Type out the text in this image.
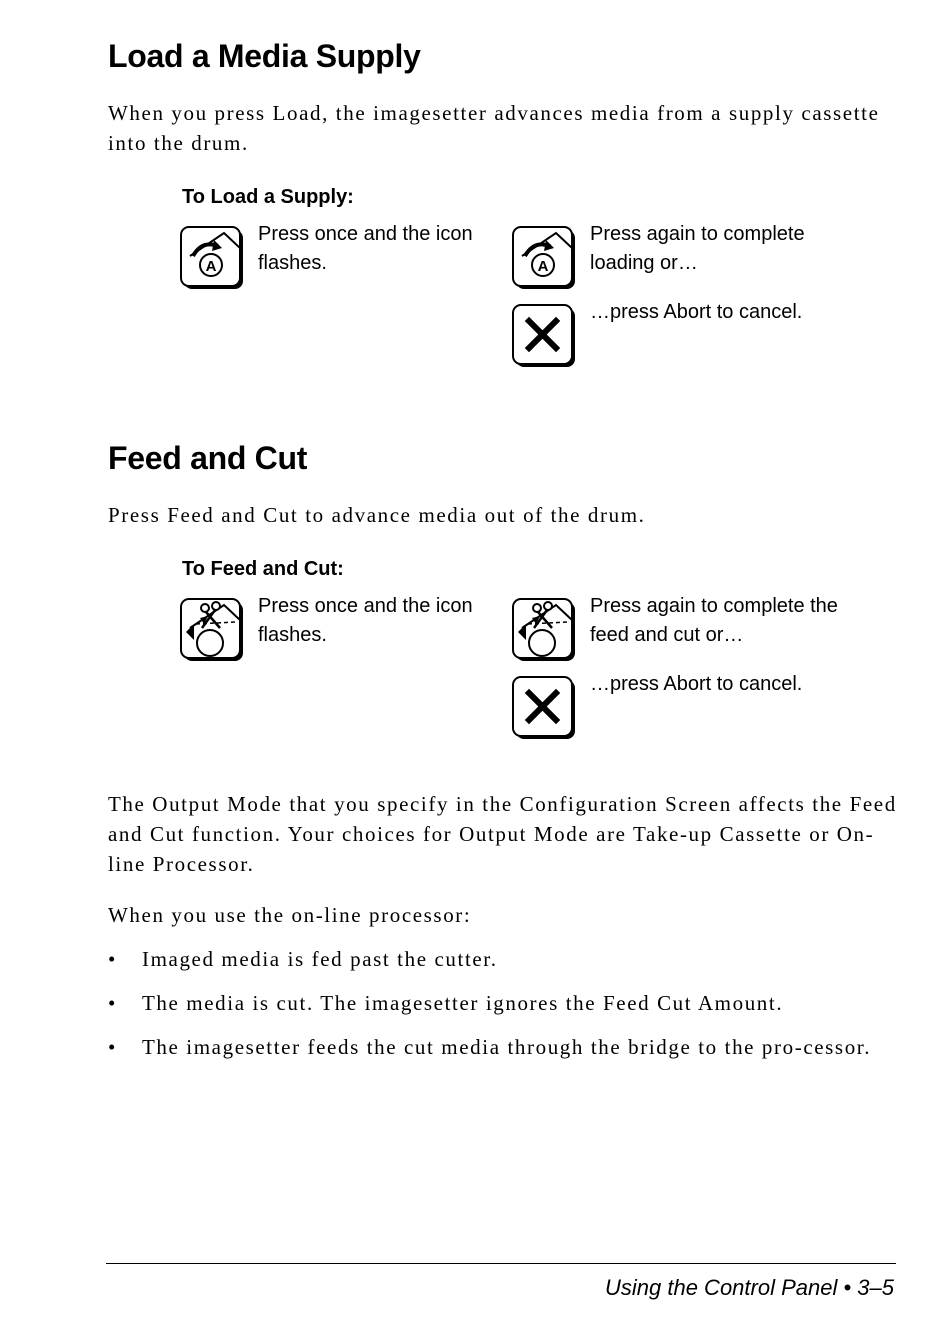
Load a Media Supply

When you press Load, the imagesetter advances media from a supply cassette into the drum.

To Load a Supply:
A

Press once and the icon flashes.	A

Press again to complete loading or…

…press Abort to cancel.

Feed and Cut

Press Feed and Cut to advance media out of the drum.

To Feed and Cut:

Press once and the icon flashes.

Press again to complete the feed and cut or…

…press Abort to cancel.

The Output Mode that you specify in the Configuration Screen affects the Feed and Cut function. Your choices for Output Mode are Take-up Cassette or On-line Processor.

When you use the on-line processor:

• Imaged media is fed past the cutter.
• The media is cut. The imagesetter ignores the Feed Cut Amount.
• The imagesetter feeds the cut media through the bridge to the pro-cessor.
Using the Control Panel • 3–5
